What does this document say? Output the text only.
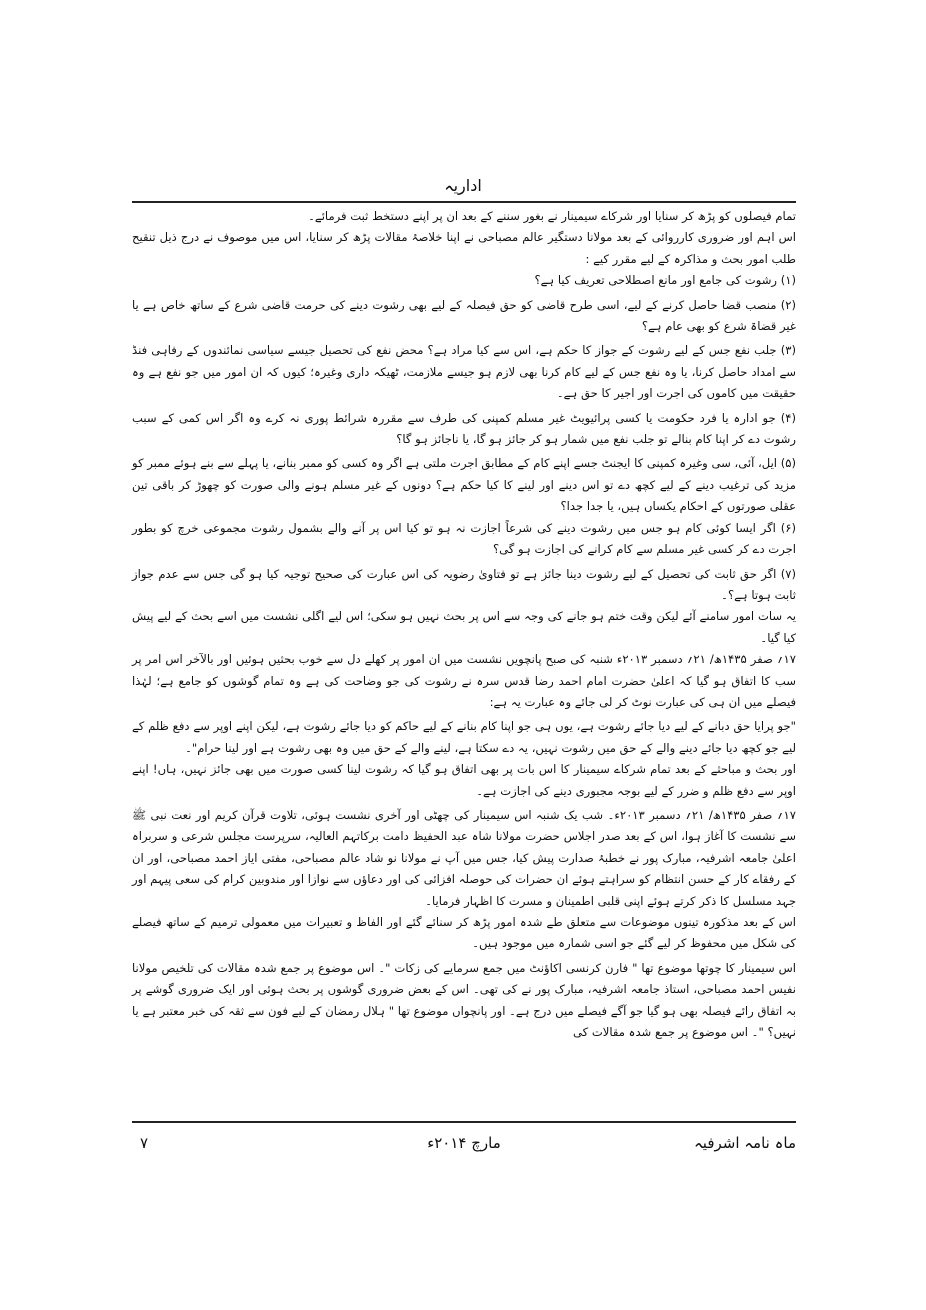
اداریہ

تمام فیصلوں کو پڑھ کر سنایا اور شرکاے سیمینار نے بغور سننے کے بعد ان پر اپنے دستخط ثبت فرمائے۔

اس اہم اور ضروری کارروائی کے بعد مولانا دستگیر عالم مصباحی نے اپنا خلاصۂ مقالات پڑھ کر سنایا، اس میں موصوف نے درج ذیل تنقیح طلب امور بحث و مذاکرہ کے لیے مقرر کیے :

(۱) رشوت کی جامع اور مانع اصطلاحی تعریف کیا ہے؟

(۲) منصب قضا حاصل کرنے کے لیے، اسی طرح قاضی کو حق فیصلہ کے لیے بھی رشوت دینے کی حرمت قاضی شرع کے ساتھ خاص ہے یا غیر قضاۃ شرع کو بھی عام ہے؟

(۳) جلب نفع جس کے لیے رشوت کے جواز کا حکم ہے، اس سے کیا مراد ہے؟ محض نفع کی تحصیل جیسے سیاسی نمائندوں کے رفاہی فنڈ سے امداد حاصل کرنا، یا وہ نفع جس کے لیے کام کرنا بھی لازم ہو جیسے ملازمت، ٹھیکہ داری وغیرہ؛ کیوں کہ ان امور میں جو نفع ہے وہ حقیقت میں کاموں کی اجرت اور اجیر کا حق ہے۔

(۴) جو ادارہ یا فرد حکومت یا کسی پرائیویٹ غیر مسلم کمپنی کی طرف سے مقررہ شرائط پوری نہ کرے وہ اگر اس کمی کے سبب رشوت دے کر اپنا کام بنالے تو جلب نفع میں شمار ہو کر جائز ہو گا، یا ناجائز ہو گا؟

(۵) ایل، آئی، سی وغیرہ کمپنی کا ایجنٹ جسے اپنے کام کے مطابق اجرت ملتی ہے اگر وہ کسی کو ممبر بنانے، یا پہلے سے بنے ہوئے ممبر کو مزید کی ترغیب دینے کے لیے کچھ دے تو اس دینے اور لینے کا کیا حکم ہے؟ دونوں کے غیر مسلم ہونے والی صورت کو چھوڑ کر باقی تین عقلی صورتوں کے احکام یکساں ہیں، یا جدا جدا؟

(۶) اگر ایسا کوئی کام ہو جس میں رشوت دینے کی شرعاً اجازت نہ ہو تو کیا اس پر آنے والے بشمول رشوت مجموعی خرچ کو بطور اجرت دے کر کسی غیر مسلم سے کام کرانے کی اجازت ہو گی؟

(۷) اگر حق ثابت کی تحصیل کے لیے رشوت دینا جائز ہے تو فتاویٰ رضویہ کی اس عبارت کی صحیح توجیہ کیا ہو گی جس سے عدم جواز ثابت ہوتا ہے؟۔

یہ سات امور سامنے آئے لیکن وقت ختم ہو جانے کی وجہ سے اس پر بحث نہیں ہو سکی؛ اس لیے اگلی نشست میں اسے بحث کے لیے پیش کیا گیا۔

۱۷؍ صفر ۱۴۳۵ھ/ ۲۱؍ دسمبر ۲۰۱۳ء شنبہ کی صبح پانچویں نشست میں ان امور پر کھلے دل سے خوب بحثیں ہوئیں اور بالآخر اس امر پر سب کا اتفاق ہو گیا کہ اعلیٰ حضرت امام احمد رضا قدس سرہ نے رشوت کی جو وضاحت کی ہے وہ تمام گوشوں کو جامع ہے؛ لہٰذا فیصلے میں ان ہی کی عبارت نوٹ کر لی جائے وہ عبارت یہ ہے:

"جو پرایا حق دبانے کے لیے دیا جائے رشوت ہے، یوں ہی جو اپنا کام بنانے کے لیے حاکم کو دیا جائے رشوت ہے، لیکن اپنے اوپر سے دفع ظلم کے لیے جو کچھ دیا جائے دینے والے کے حق میں رشوت نہیں، یہ دے سکتا ہے، لینے والے کے حق میں وہ بھی رشوت ہے اور لینا حرام"۔

اور بحث و مباحثے کے بعد تمام شرکاے سیمینار کا اس بات پر بھی اتفاق ہو گیا کہ رشوت لینا کسی صورت میں بھی جائز نہیں، ہاں! اپنے اوپر سے دفع ظلم و ضرر کے لیے بوجہ مجبوری دینے کی اجازت ہے۔

۱۷؍ صفر ۱۴۳۵ھ/ ۲۱؍ دسمبر ۲۰۱۳ء۔ شب یک شنبہ اس سیمینار کی چھٹی اور آخری نشست ہوئی، تلاوت قرآن کریم اور نعت نبی ﷺ سے نشست کا آغاز ہوا، اس کے بعد صدر اجلاس حضرت مولانا شاہ عبد الحفیظ دامت برکاتہم العالیہ، سرپرست مجلس شرعی و سربراہ اعلیٰ جامعہ اشرفیہ، مبارک پور نے خطبۂ صدارت پیش کیا، جس میں آپ نے مولانا نو شاد عالم مصباحی، مفتی ایاز احمد مصباحی، اور ان کے رفقاے کار کے حسن انتظام کو سراہتے ہوئے ان حضرات کی حوصلہ افزائی کی اور دعاؤں سے نوازا اور مندوبین کرام کی سعی پیہم اور جہد مسلسل کا ذکر کرتے ہوئے اپنی قلبی اطمینان و مسرت کا اظہار فرمایا۔

اس کے بعد مذکورہ تینوں موضوعات سے متعلق طے شدہ امور پڑھ کر سنائے گئے اور الفاظ و تعبیرات میں معمولی ترمیم کے ساتھ فیصلے کی شکل میں محفوظ کر لیے گئے جو اسی شمارہ میں موجود ہیں۔

اس سیمینار کا چوتھا موضوع تھا " فارن کرنسی اکاؤنٹ میں جمع سرمایے کی زکات "۔ اس موضوع پر جمع شدہ مقالات کی تلخیص مولانا نفیس احمد مصباحی، استاذ جامعہ اشرفیہ، مبارک پور نے کی تھی۔ اس کے بعض ضروری گوشوں پر بحث ہوئی اور ایک ضروری گوشے پر بہ اتفاق رائے فیصلہ بھی ہو گیا جو آگے فیصلے میں درج ہے۔ اور پانچواں موضوع تھا " ہلال رمضان کے لیے فون سے ثقہ کی خبر معتبر ہے یا نہیں؟ "۔ اس موضوع پر جمع شدہ مقالات کی

ماہ نامہ اشرفیہ
مارچ ۲۰۱۴ء
۷
